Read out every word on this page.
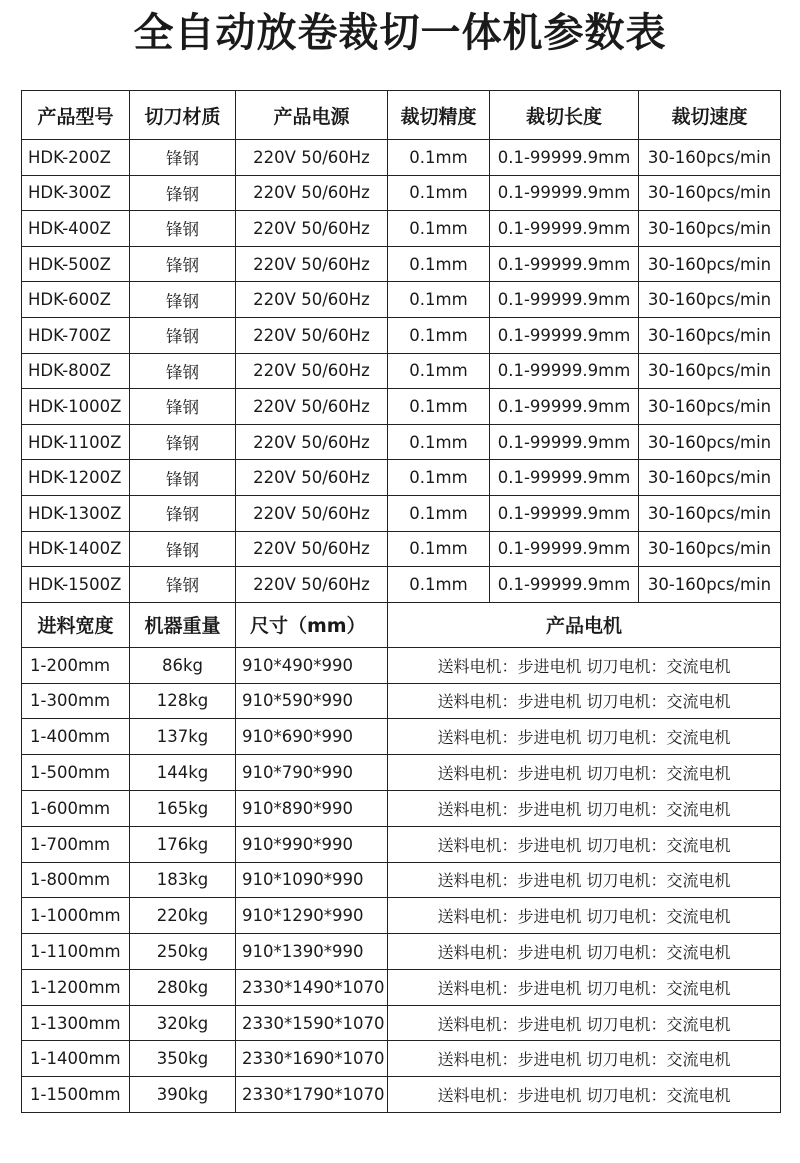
全自动放卷裁切一体机参数表
产品型号	切刀材质	产品电源	裁切精度	裁切长度	裁切速度
HDK-200Z	锋钢	220V 50/60Hz	0.1mm	0.1-99999.9mm	30-160pcs/min
HDK-300Z	锋钢	220V 50/60Hz	0.1mm	0.1-99999.9mm	30-160pcs/min
HDK-400Z	锋钢	220V 50/60Hz	0.1mm	0.1-99999.9mm	30-160pcs/min
HDK-500Z	锋钢	220V 50/60Hz	0.1mm	0.1-99999.9mm	30-160pcs/min
HDK-600Z	锋钢	220V 50/60Hz	0.1mm	0.1-99999.9mm	30-160pcs/min
HDK-700Z	锋钢	220V 50/60Hz	0.1mm	0.1-99999.9mm	30-160pcs/min
HDK-800Z	锋钢	220V 50/60Hz	0.1mm	0.1-99999.9mm	30-160pcs/min
HDK-1000Z	锋钢	220V 50/60Hz	0.1mm	0.1-99999.9mm	30-160pcs/min
HDK-1100Z	锋钢	220V 50/60Hz	0.1mm	0.1-99999.9mm	30-160pcs/min
HDK-1200Z	锋钢	220V 50/60Hz	0.1mm	0.1-99999.9mm	30-160pcs/min
HDK-1300Z	锋钢	220V 50/60Hz	0.1mm	0.1-99999.9mm	30-160pcs/min
HDK-1400Z	锋钢	220V 50/60Hz	0.1mm	0.1-99999.9mm	30-160pcs/min
HDK-1500Z	锋钢	220V 50/60Hz	0.1mm	0.1-99999.9mm	30-160pcs/min
进料宽度	机器重量	尺寸（mm）	产品电机		
1-200mm	86kg	910*490*990	送料电机：步进电机 切刀电机：交流电机		
1-300mm	128kg	910*590*990	送料电机：步进电机 切刀电机：交流电机		
1-400mm	137kg	910*690*990	送料电机：步进电机 切刀电机：交流电机		
1-500mm	144kg	910*790*990	送料电机：步进电机 切刀电机：交流电机		
1-600mm	165kg	910*890*990	送料电机：步进电机 切刀电机：交流电机		
1-700mm	176kg	910*990*990	送料电机：步进电机 切刀电机：交流电机		
1-800mm	183kg	910*1090*990	送料电机：步进电机 切刀电机：交流电机		
1-1000mm	220kg	910*1290*990	送料电机：步进电机 切刀电机：交流电机		
1-1100mm	250kg	910*1390*990	送料电机：步进电机 切刀电机：交流电机		
1-1200mm	280kg	2330*1490*1070	送料电机：步进电机 切刀电机：交流电机		
1-1300mm	320kg	2330*1590*1070	送料电机：步进电机 切刀电机：交流电机		
1-1400mm	350kg	2330*1690*1070	送料电机：步进电机 切刀电机：交流电机		
1-1500mm	390kg	2330*1790*1070	送料电机：步进电机 切刀电机：交流电机		
